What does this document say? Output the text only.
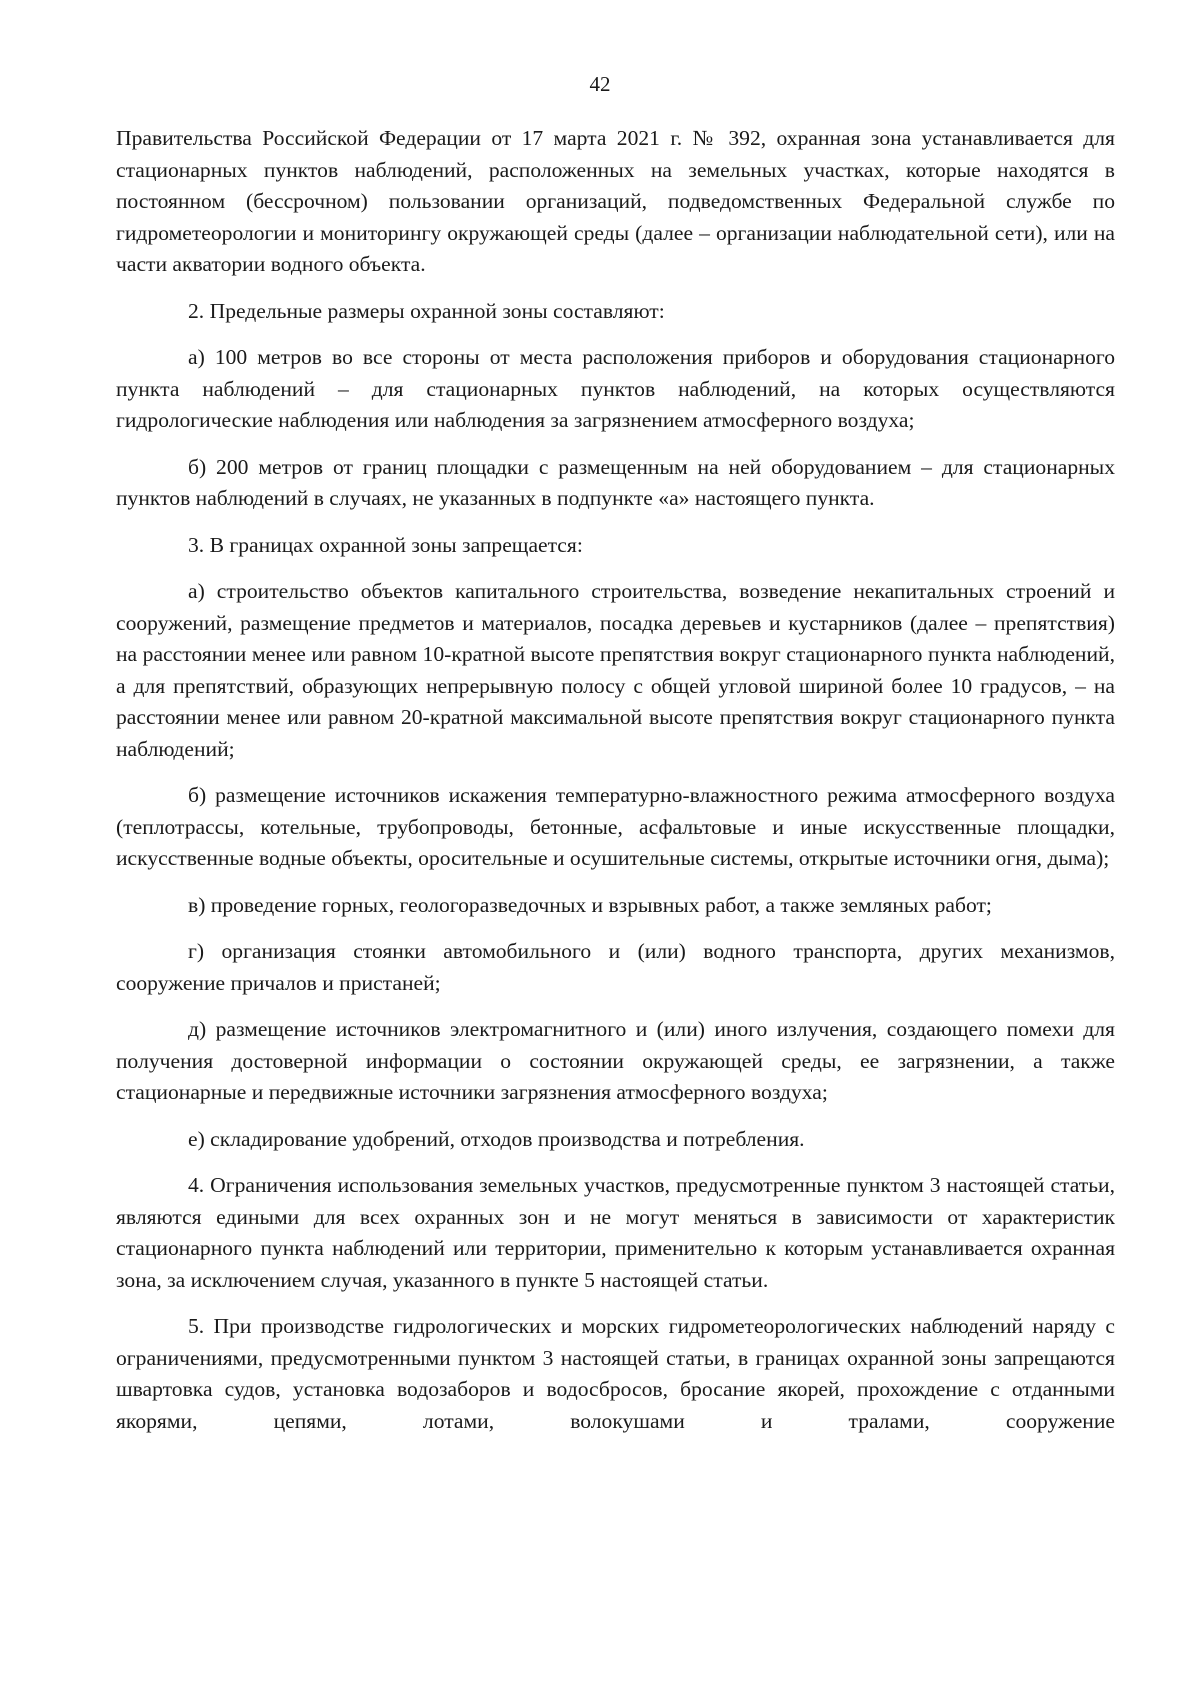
42

Правительства Российской Федерации от 17 марта 2021 г. № 392, охранная зона устанавливается для стационарных пунктов наблюдений, расположенных на земельных участках, которые находятся в постоянном (бессрочном) пользовании организаций, подведомственных Федеральной службе по гидрометеорологии и мониторингу окружающей среды (далее – организации наблюдательной сети), или на части акватории водного объекта.

2. Предельные размеры охранной зоны составляют:

а) 100 метров во все стороны от места расположения приборов и оборудования стационарного пункта наблюдений – для стационарных пунктов наблюдений, на которых осуществляются гидрологические наблюдения или наблюдения за загрязнением атмосферного воздуха;

б) 200 метров от границ площадки с размещенным на ней оборудованием – для стационарных пунктов наблюдений в случаях, не указанных в подпункте «а» настоящего пункта.

3. В границах охранной зоны запрещается:

а) строительство объектов капитального строительства, возведение некапитальных строений и сооружений, размещение предметов и материалов, посадка деревьев и кустарников (далее – препятствия) на расстоянии менее или равном 10-кратной высоте препятствия вокруг стационарного пункта наблюдений, а для препятствий, образующих непрерывную полосу с общей угловой шириной более 10 градусов, – на расстоянии менее или равном 20-кратной максимальной высоте препятствия вокруг стационарного пункта наблюдений;

б) размещение источников искажения температурно-влажностного режима атмосферного воздуха (теплотрассы, котельные, трубопроводы, бетонные, асфальтовые и иные искусственные площадки, искусственные водные объекты, оросительные и осушительные системы, открытые источники огня, дыма);

в) проведение горных, геологоразведочных и взрывных работ, а также земляных работ;

г) организация стоянки автомобильного и (или) водного транспорта, других механизмов, сооружение причалов и пристаней;

д) размещение источников электромагнитного и (или) иного излучения, создающего помехи для получения достоверной информации о состоянии окружающей среды, ее загрязнении, а также стационарные и передвижные источники загрязнения атмосферного воздуха;

е) складирование удобрений, отходов производства и потребления.

4. Ограничения использования земельных участков, предусмотренные пунктом 3 настоящей статьи, являются едиными для всех охранных зон и не могут меняться в зависимости от характеристик стационарного пункта наблюдений или территории, применительно к которым устанавливается охранная зона, за исключением случая, указанного в пункте 5 настоящей статьи.

5. При производстве гидрологических и морских гидрометеорологических наблюдений наряду с ограничениями, предусмотренными пунктом 3 настоящей статьи, в границах охранной зоны запрещаются швартовка судов, установка водозаборов и водосбросов, бросание якорей, прохождение с отданными якорями, цепями, лотами, волокушами и тралами, сооружение
